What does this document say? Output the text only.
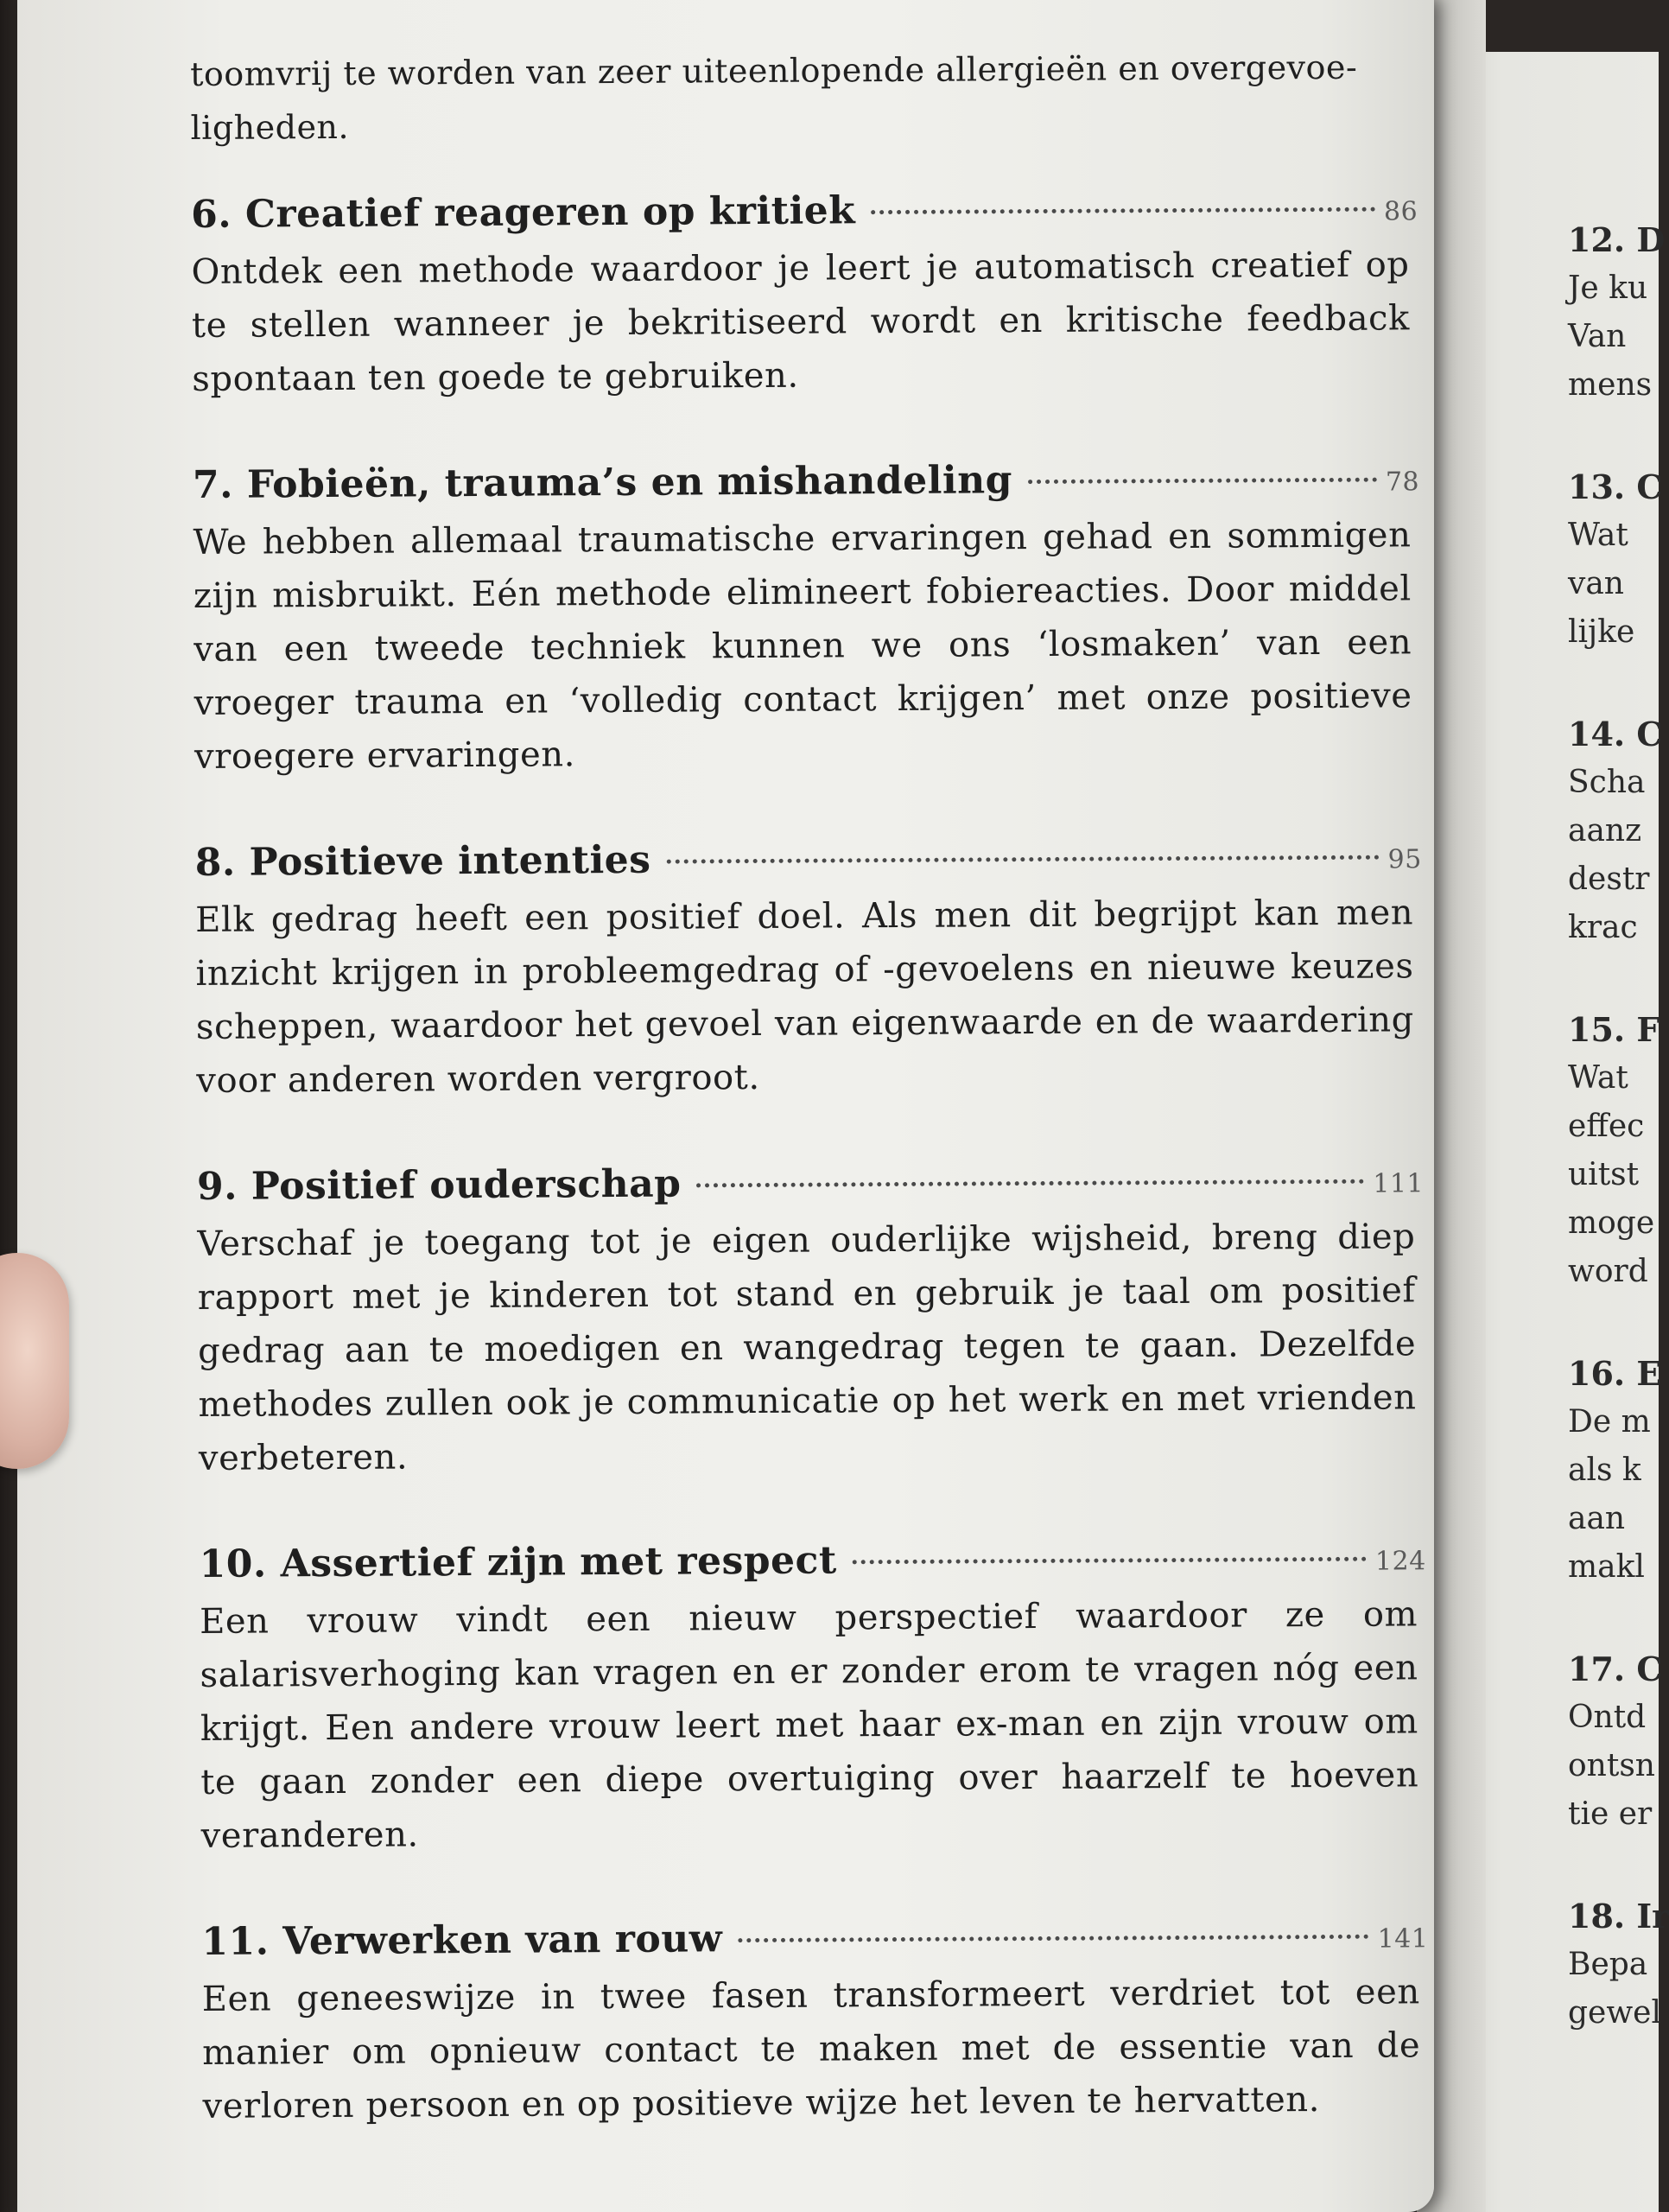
toomvrij te worden van zeer uiteenlopende allergieën en overgevoeligheden.

6. Creatief reageren op kritiek	86
Ontdek een methode waardoor je leert je automatisch creatief op te stellen wanneer je bekritiseerd wordt en kritische feedback spontaan ten goede te gebruiken.
7. Fobieën, trauma’s en mishandeling	78
We hebben allemaal traumatische ervaringen gehad en sommigen zijn misbruikt. Eén methode elimineert fobiereacties. Door middel van een tweede techniek kunnen we ons ‘losmaken’ van een vroeger trauma en ‘volledig contact krijgen’ met onze positieve vroegere ervaringen.
8. Positieve intenties	95
Elk gedrag heeft een positief doel. Als men dit begrijpt kan men inzicht krijgen in probleemgedrag of -gevoelens en nieuwe keuzes scheppen, waardoor het gevoel van eigenwaarde en de waardering voor anderen worden vergroot.
9. Positief ouderschap	111
Verschaf je toegang tot je eigen ouderlijke wijsheid, breng diep rapport met je kinderen tot stand en gebruik je taal om positief gedrag aan te moedigen en wangedrag tegen te gaan. Dezelfde methodes zullen ook je communicatie op het werk en met vrienden verbeteren.
10. Assertief zijn met respect	124
Een vrouw vindt een nieuw perspectief waardoor ze om salarisverhoging kan vragen en er zonder erom te vragen nóg een krijgt. Een andere vrouw leert met haar ex-man en zijn vrouw om te gaan zonder een diepe overtuiging over haarzelf te hoeven veranderen.
11. Verwerken van rouw	141
Een geneeswijze in twee fasen transformeert verdriet tot een manier om opnieuw contact te maken met de essentie van de verloren persoon en op positieve wijze het leven te hervatten.
12. D
Je ku
Van
mens
13. C
Wat
van
lijke
14. C
Scha
aanz
destr
krac
15. F
Wat
effec
uitst
moge
word
16. E
De m
als k
aan
makl
17. C
Ontd
ontsn
tie er
18. Ir
Bepa
gewel
